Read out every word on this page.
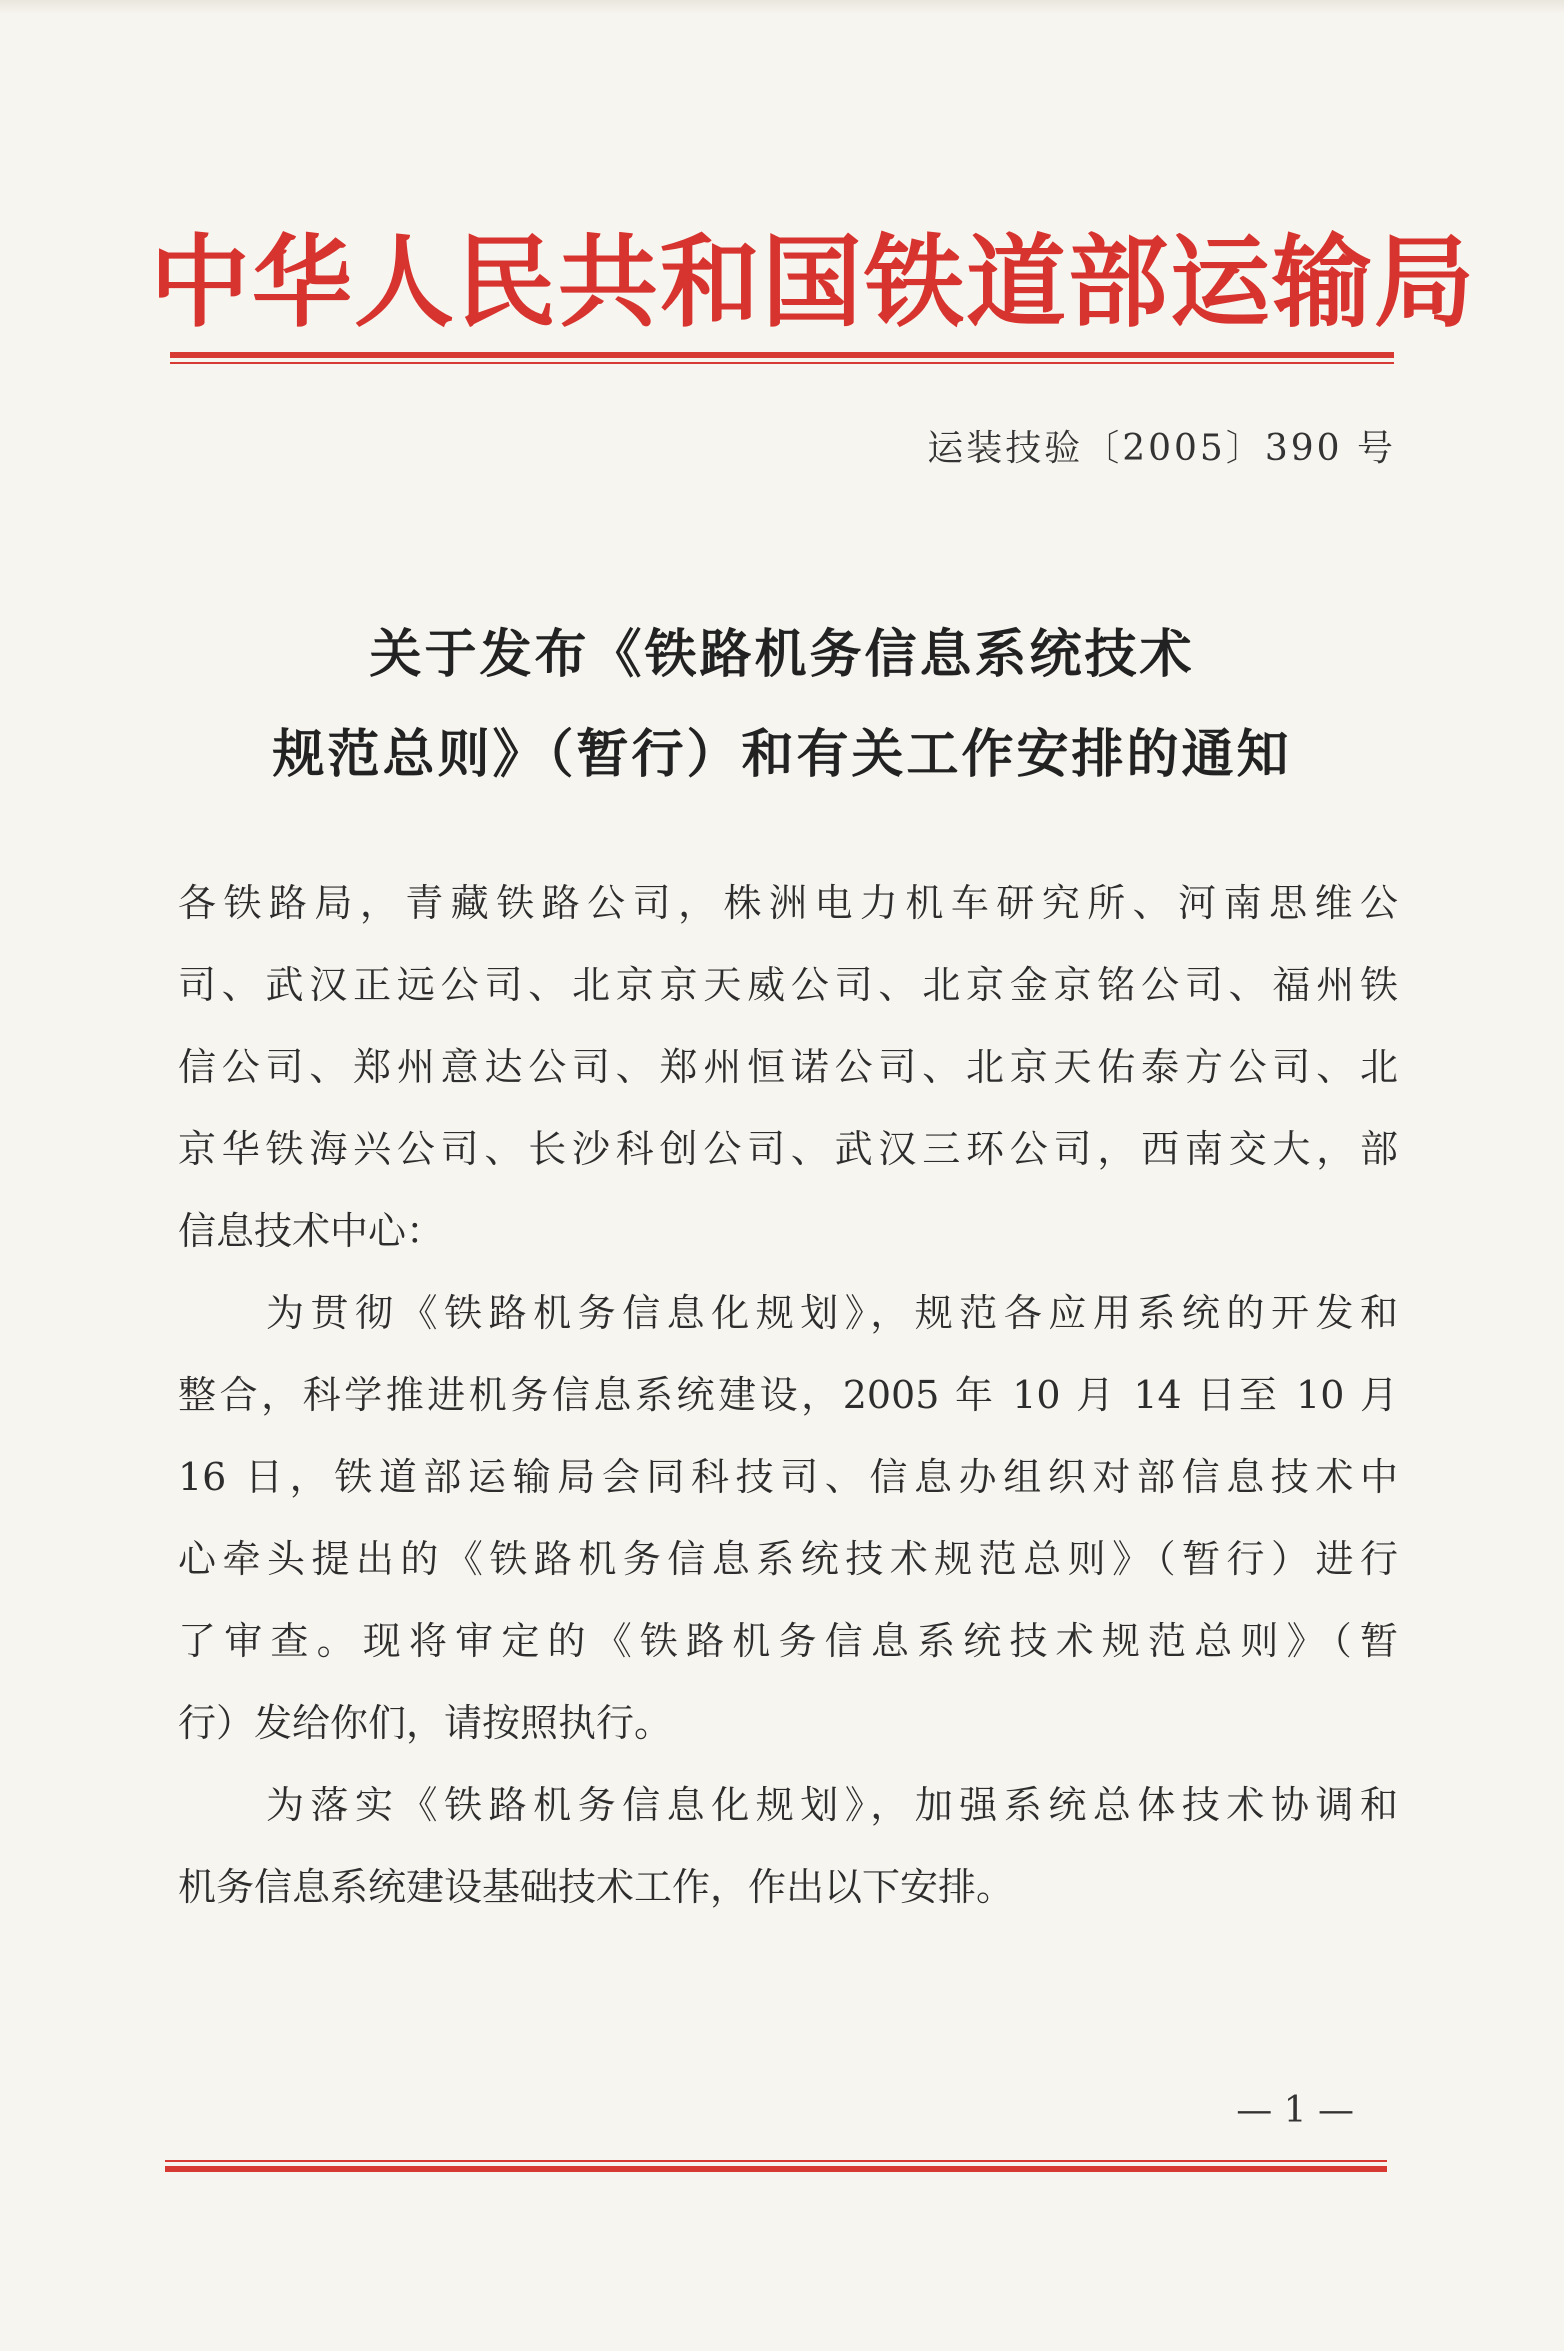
中华人民共和国铁道部运输局
运装技验〔2005〕390 号
关于发布《铁路机务信息系统技术
规范总则》（暂行）和有关工作安排的通知
各铁路局，青藏铁路公司，株洲电力机车研究所、河南思维公
司、武汉正远公司、北京京天威公司、北京金京铭公司、福州铁
信公司、郑州意达公司、郑州恒诺公司、北京天佑泰方公司、北
京华铁海兴公司、长沙科创公司、武汉三环公司，西南交大，部
信息技术中心：
为贯彻《铁路机务信息化规划》，规范各应用系统的开发和
整合，科学推进机务信息系统建设，2005 年 10 月 14 日至 10 月
16 日，铁道部运输局会同科技司、信息办组织对部信息技术中
心牵头提出的《铁路机务信息系统技术规范总则》（暂行）进行
了审查。现将审定的《铁路机务信息系统技术规范总则》（暂
行）发给你们，请按照执行。
为落实《铁路机务信息化规划》，加强系统总体技术协调和
机务信息系统建设基础技术工作，作出以下安排。
— 1 —
